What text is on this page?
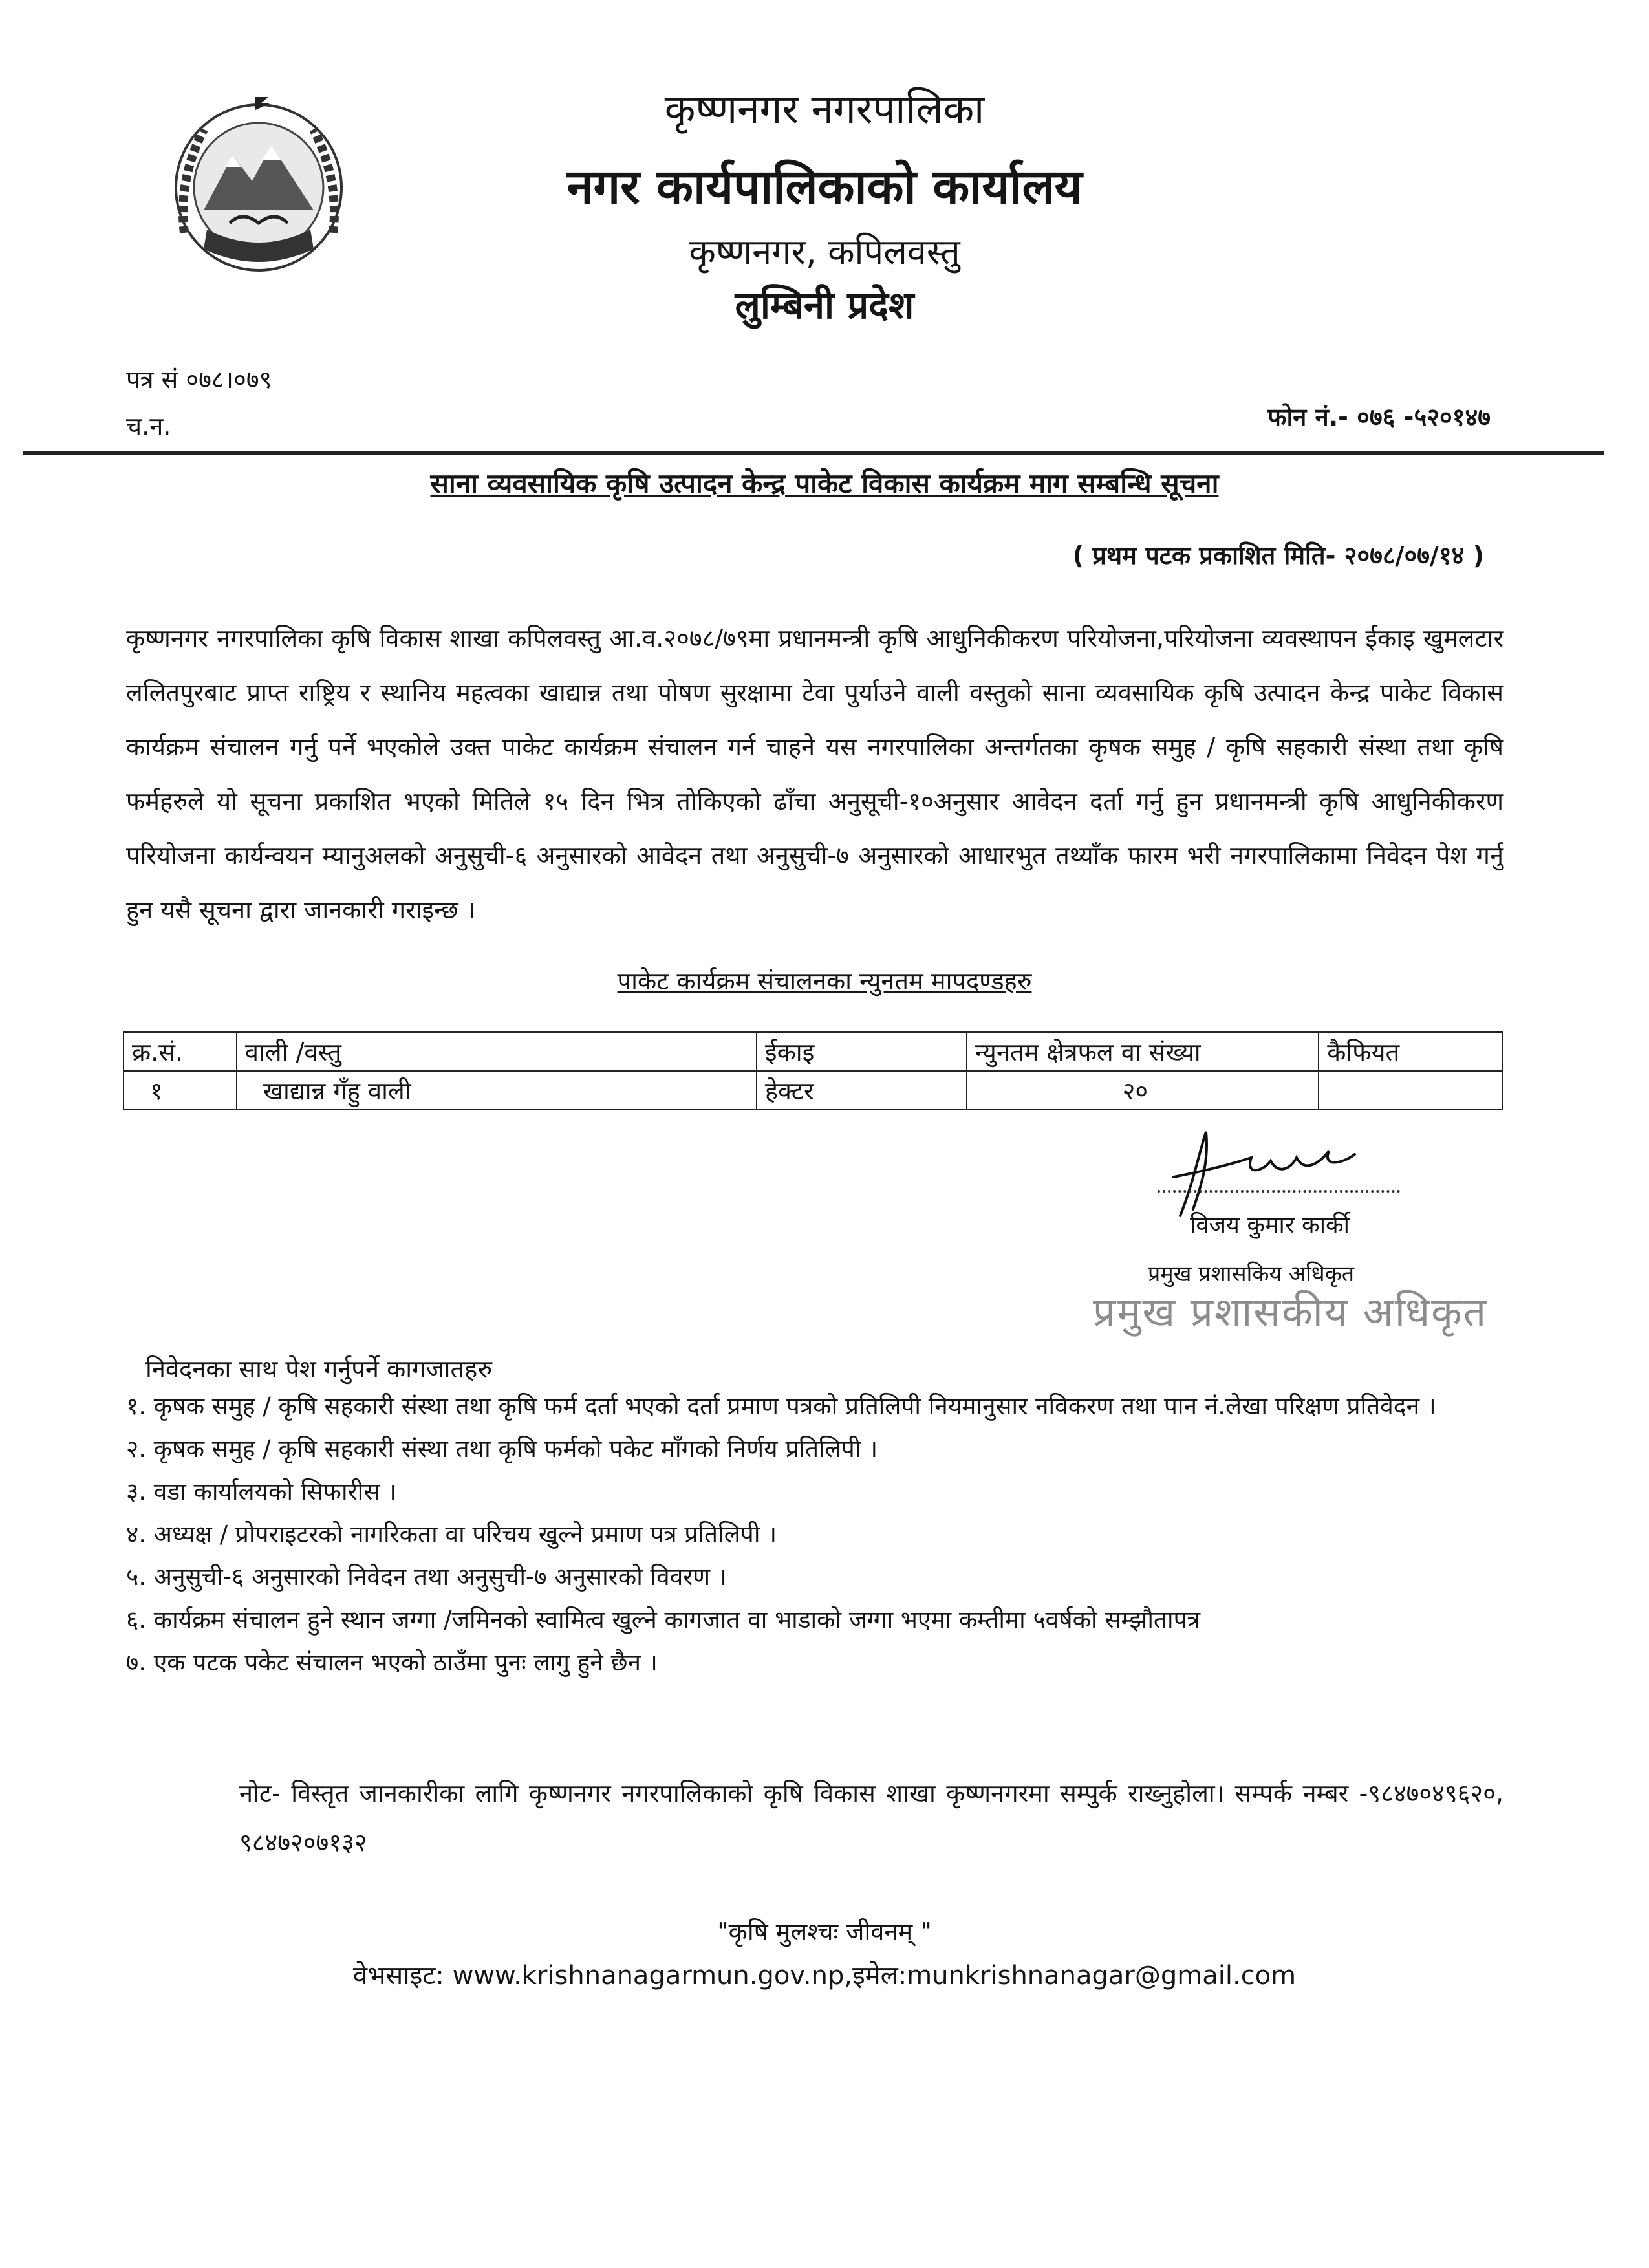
कृष्णनगर नगरपालिका
नगर कार्यपालिकाको कार्यालय
कृष्णनगर, कपिलवस्तु
लुम्बिनी प्रदेश
पत्र सं ०७८।०७९
च.न.	फोन नं.- ०७६ -५२०१४७
साना व्यवसायिक कृषि उत्पादन केन्द्र पाकेट विकास कार्यक्रम माग सम्बन्धि सूचना
( प्रथम पटक प्रकाशित मिति- २०७८/०७/१४ )
कृष्णनगर नगरपालिका कृषि विकास शाखा कपिलवस्तु आ.व.२०७८/७९मा प्रधानमन्त्री कृषि आधुनिकीकरण परियोजना,परियोजना व्यवस्थापन ईकाइ खुमलटार ललितपुरबाट प्राप्त राष्ट्रिय र स्थानिय महत्वका खाद्यान्न तथा पोषण सुरक्षामा टेवा पुर्याउने वाली वस्तुको साना व्यवसायिक कृषि उत्पादन केन्द्र पाकेट विकास कार्यक्रम संचालन गर्नु पर्ने भएकोले उक्त पाकेट कार्यक्रम संचालन गर्न चाहने यस नगरपालिका अन्तर्गतका कृषक समुह / कृषि सहकारी संस्था तथा कृषि फर्महरुले यो सूचना प्रकाशित भएको मितिले १५ दिन भित्र तोकिएको ढाँचा अनुसूची-१०अनुसार आवेदन दर्ता गर्नु हुन प्रधानमन्त्री कृषि आधुनिकीकरण परियोजना कार्यन्वयन म्यानुअलको अनुसुची-६ अनुसारको आवेदन तथा अनुसुची-७ अनुसारको आधारभुत तथ्याँक फारम भरी नगरपालिकामा निवेदन पेश गर्नु हुन यसै सूचना द्वारा जानकारी गराइन्छ ।
पाकेट कार्यक्रम संचालनका न्युनतम मापदण्डहरु
क्र.सं.	वाली /वस्तु	ईकाइ	न्युनतम क्षेत्रफल वा संख्या	कैफियत
१	खाद्यान्न गँहु वाली	हेक्टर	२०	
विजय कुमार कार्की
प्रमुख प्रशासकिय अधिकृत
प्रमुख प्रशासकीय अधिकृत
निवेदनका साथ पेश गर्नुपर्ने कागजातहरु

१. कृषक समुह / कृषि सहकारी संस्था तथा कृषि फर्म दर्ता भएको दर्ता प्रमाण पत्रको प्रतिलिपी नियमानुसार नविकरण तथा पान नं.लेखा परिक्षण प्रतिवेदन ।

२. कृषक समुह / कृषि सहकारी संस्था तथा कृषि फर्मको पकेट माँगको निर्णय प्रतिलिपी ।

३. वडा कार्यालयको सिफारीस ।

४. अध्यक्ष / प्रोपराइटरको नागरिकता वा परिचय खुल्ने प्रमाण पत्र प्रतिलिपी ।

५. अनुसुची-६ अनुसारको निवेदन तथा अनुसुची-७ अनुसारको विवरण ।

६. कार्यक्रम संचालन हुने स्थान जग्गा /जमिनको स्वामित्व खुल्ने कागजात वा भाडाको जग्गा भएमा कम्तीमा ५वर्षको सम्झौतापत्र

७. एक पटक पकेट संचालन भएको ठाउँमा पुनः लागु हुने छैन ।

नोट- विस्तृत जानकारीका लागि कृष्णनगर नगरपालिकाको कृषि विकास शाखा कृष्णनगरमा सम्पुर्क राख्नुहोला। सम्पर्क नम्बर -९८४७०४९६२०, ९८४७२०७१३२
"कृषि मुलश्चः जीवनम् "
वेभसाइट: www.krishnanagarmun.gov.np,इमेल:munkrishnanagar@gmail.com
